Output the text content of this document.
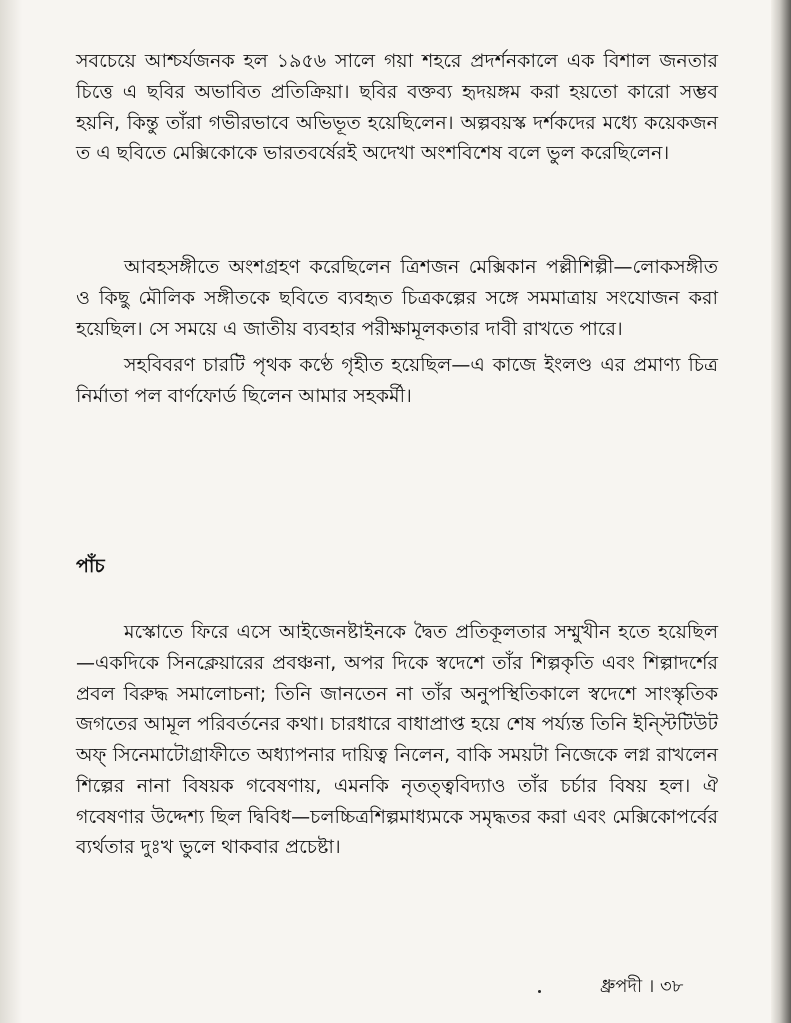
সবচেয়ে আশ্চর্যজনক হল ১৯৫৬ সালে গয়া শহরে প্রদর্শনকালে এক বিশাল জনতার চিত্তে এ ছবির অভাবিত প্রতিক্রিয়া। ছবির বক্তব্য হৃদয়ঙ্গম করা হয়তো কারো সম্ভব হয়নি, কিন্তু তাঁরা গভীরভাবে অভিভূত হয়েছিলেন। অল্পবয়স্ক দর্শকদের মধ্যে কয়েকজন ত এ ছবিতে মেক্সিকোকে ভারতবর্ষেরই অদেখা অংশবিশেষ বলে ভুল করেছিলেন।

আবহসঙ্গীতে অংশগ্রহণ করেছিলেন ত্রিশজন মেক্সিকান পল্লীশিল্পী—লোকসঙ্গীত ও কিছু মৌলিক সঙ্গীতকে ছবিতে ব্যবহৃত চিত্রকল্পের সঙ্গে সমমাত্রায় সংযোজন করা হয়েছিল। সে সময়ে এ জাতীয় ব্যবহার পরীক্ষামূলকতার দাবী রাখতে পারে।

সহবিবরণ চারটি পৃথক কণ্ঠে গৃহীত হয়েছিল—এ কাজে ইংলণ্ড এর প্রমাণ্য চিত্র নির্মাতা পল বার্ণফোর্ড ছিলেন আমার সহকর্মী।

পাঁচ

মস্কোতে ফিরে এসে আইজেনষ্টাইনকে দ্বৈত প্রতিকূলতার সম্মুখীন হতে হয়েছিল—একদিকে সিনক্লেয়ারের প্রবঞ্চনা, অপর দিকে স্বদেশে তাঁর শিল্পকৃতি এবং শিল্পাদর্শের প্রবল বিরুদ্ধ সমালোচনা; তিনি জানতেন না তাঁর অনুপস্থিতিকালে স্বদেশে সাংস্কৃতিক জগতের আমূল পরিবর্তনের কথা। চারধারে বাধাপ্রাপ্ত হয়ে শেষ পর্য্যন্ত তিনি ইন্স্টিটিউট অফ্ সিনেমাটোগ্রাফীতে অধ্যাপনার দায়িত্ব নিলেন, বাকি সময়টা নিজেকে লগ্ন রাখলেন শিল্পের নানা বিষয়ক গবেষণায়, এমনকি নৃতত্ত্ববিদ্যাও তাঁর চর্চার বিষয় হল। ঐ গবেষণার উদ্দেশ্য ছিল দ্বিবিধ—চলচ্চিত্রশিল্পমাধ্যমকে সমৃদ্ধতর করা এবং মেক্সিকোপর্বের ব্যর্থতার দুঃখ ভুলে থাকবার প্রচেষ্টা।

ধ্রুপদী । ৩৮
